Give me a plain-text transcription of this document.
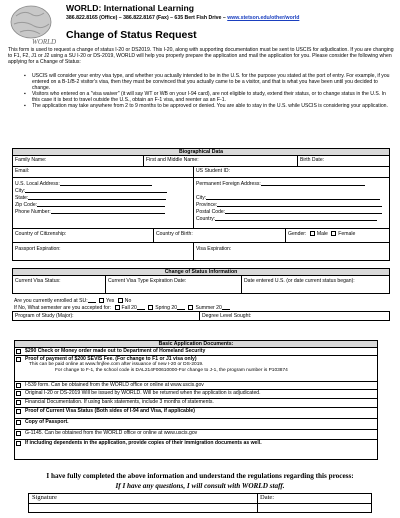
WORLD
WORLD: International Learning
386.822.8165 (Office) – 386.822.8167 (Fax) – 635 Bert Fish Drive – www.stetson.edu/other/world
Change of Status Request
This form is used to request a change of status I-20 or DS2019. This I-20, along with supporting documentation must be sent to USCIS for adjudication. If you are changing to F1, F2, J1 or J2 using a SU I-20 or DS-2019, WORLD will help you properly prepare the application and mail the application for you. Please consider the following when applying for a Change of Status:
▪ USCIS will consider your entry visa type, and whether you actually intended to be in the U.S. for the purpose you stated at the port of entry. For example, if you entered on a B-1/B-2 visitor's visa, then they must be convinced that you actually came to be a visitor, and that is what you have been until you decided to change.
▪ Visitors who entered on a "visa waiver" (it will say WT or WB on your I-94 card), are not eligible to study, extend their status, or to change status in the U.S. In this case it is best to travel outside the U.S., obtain an F-1 visa, and reenter as an F-1.
▪ The application may take anywhere from 2 to 9 months to be approved or denied. You are able to stay in the U.S. while USCIS is considering your application.
Biographical Data
Family Name:	First and Middle Name:	Birth Date:
Email:	US Student ID:
U.S. Local Address:
City:
State:
Zip Code:
Phone Number:
Permanent Foreign Address:
City:
Province:
Postal Code:
Country:
Country of Citizenship:	Country of Birth:	Gender: Male Female
Passport Expiration:	Visa Expiration:
Change of Status Information
Current Visa Status:	Current Visa Type Expiration Date:	Date entered U.S. (or date current status began):
Are you currently enrolled at SU:	Yes No
If No, What semester are you accepted for: Fall 20	Spring 20	Summer 20
Program of Study (Major):	Degree Level Sought:
Basic Application Documents:
$290 Check or Money order made out to Department of Homeland Security
Proof of payment of $200 SEVIS Fee. (For change to F1 or J1 visa only)
This can be paid online at www.fmjfee.com after issuance of new I-20 or DS-2019.
For change to F-1, the school code is DAL214F00610000-For change to J-1, the program number is P103874
I-539 form. Can be obtained from the WORLD office or online at www.uscis.gov
Original I-20 or DS-2019 Will be issued by WORLD. Will be returned when the application is adjudicated.
Financial Documentation. If using bank statements, include 3 months of statements.
Proof of Current Visa Status (Both sides of I-94 and Visa, if applicable)
Copy of Passport.
G-1145. Can be obtained from the WORLD office or online at www.uscis.gov
If including dependents in the application, provide copies of their immigration documents as well.
I have fully completed the above information and understand the regulations regarding this process:
If I have any questions, I will consult with WORLD staff.
Signature	Date:
